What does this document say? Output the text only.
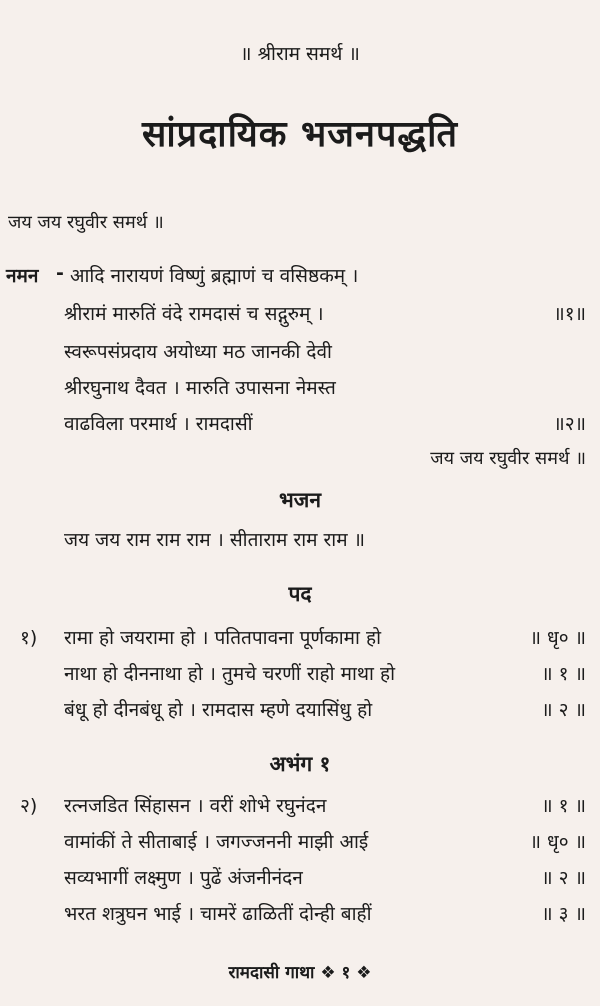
॥ श्रीराम समर्थ ॥
सांप्रदायिक भजनपद्धति
जय जय रघुवीर समर्थ ॥
नमन - आदि नारायणं विष्णुं ब्रह्माणं च वसिष्ठकम् ।
श्रीरामं मारुतिं वंदे रामदासं च सद्गुरुम् ।	॥१॥
स्वरूपसंप्रदाय अयोध्या मठ जानकी देवी
श्रीरघुनाथ दैवत । मारुति उपासना नेमस्त
वाढविला परमार्थ । रामदासीं	॥२॥
जय जय रघुवीर समर्थ ॥
भजन
जय जय राम राम राम । सीताराम राम राम ॥
पद
१) रामा हो जयरामा हो । पतितपावना पूर्णकामा हो	॥ धृ० ॥
नाथा हो दीननाथा हो । तुमचे चरणीं राहो माथा हो	॥ १ ॥
बंधू हो दीनबंधू हो । रामदास म्हणे दयासिंधु हो	॥ २ ॥
अभंग १
२) रत्नजडित सिंहासन । वरीं शोभे रघुनंदन	॥ १ ॥
वामांकीं ते सीताबाई । जगज्जननी माझी आई	॥ धृ० ॥
सव्यभागीं लक्ष्मुण । पुढें अंजनीनंदन	॥ २ ॥
भरत शत्रुघन भाई । चामरें ढाळितीं दोन्ही बाहीं	॥ ३ ॥
रामदासी गाथा ❖ १ ❖
